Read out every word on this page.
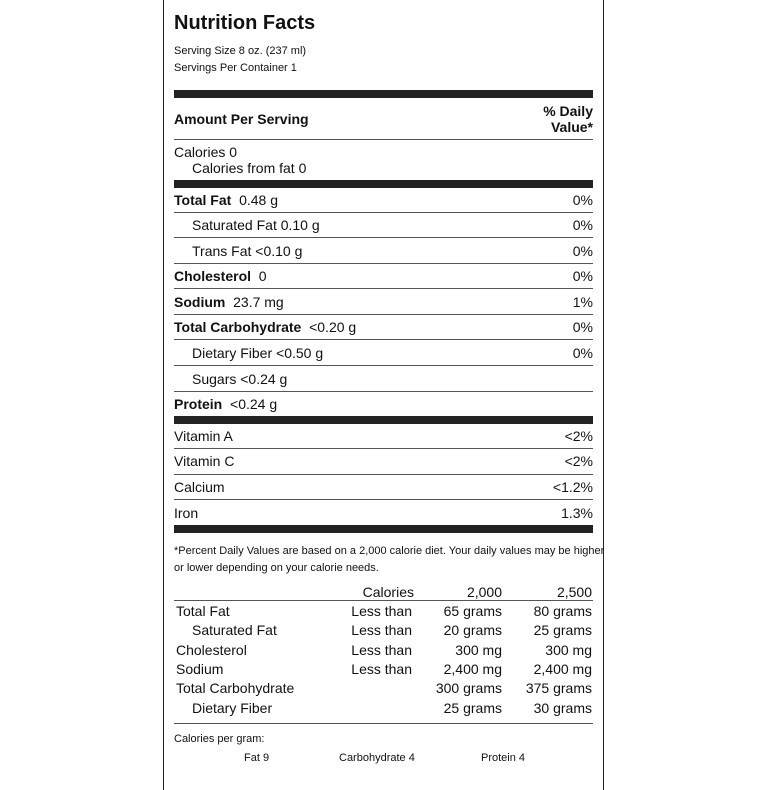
Nutrition Facts
Serving Size 8 oz. (237 ml)
Servings Per Container 1
Amount Per Serving	% Daily
Value*
Calories 0
Calories from fat 0
Total Fat 0.48 g	0%
Saturated Fat 0.10 g	0%
Trans Fat <0.10 g	0%
Cholesterol 0	0%
Sodium 23.7 mg	1%
Total Carbohydrate <0.20 g	0%
Dietary Fiber <0.50 g	0%
Sugars <0.24 g
Protein <0.24 g
Vitamin A	<2%
Vitamin C	<2%
Calcium	<1.2%
Iron	1.3%
*Percent Daily Values are based on a 2,000 calorie diet. Your daily values may be higher
or lower depending on your calorie needs.
Calories	2,000	2,500
Total Fat	Less than 65 grams 80 grams
Saturated Fat	Less than 20 grams 25 grams
Cholesterol	Less than	300 mg	300 mg
Sodium	Less than 2,400 mg 2,400 mg
Total Carbohydrate	300 grams 375 grams
Dietary Fiber	25 grams 30 grams
Calories per gram:
Fat 9	Carbohydrate 4	Protein 4
